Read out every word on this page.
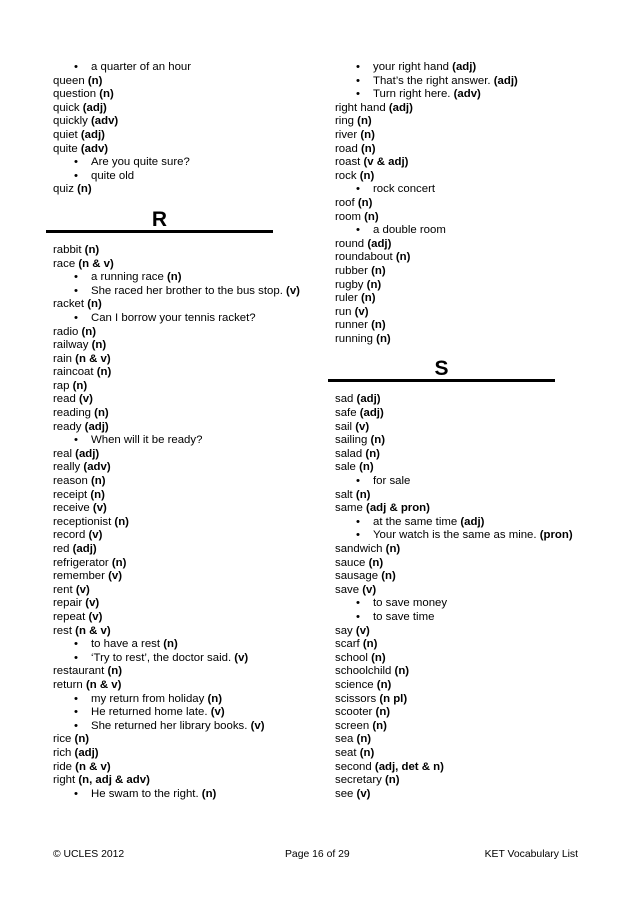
• a quarter of an hour
queen (n)
question (n)
quick (adj)
quickly (adv)
quiet (adj)
quite (adv)
• Are you quite sure?
• quite old
quiz (n)
R
rabbit (n)
race (n & v)
• a running race (n)
• She raced her brother to the bus stop. (v)
racket (n)
• Can I borrow your tennis racket?
radio (n)
railway (n)
rain (n & v)
raincoat (n)
rap (n)
read (v)
reading (n)
ready (adj)
• When will it be ready?
real (adj)
really (adv)
reason (n)
receipt (n)
receive (v)
receptionist (n)
record (v)
red (adj)
refrigerator (n)
remember (v)
rent (v)
repair (v)
repeat (v)
rest (n & v)
• to have a rest (n)
• ‘Try to rest’, the doctor said. (v)
restaurant (n)
return (n & v)
• my return from holiday (n)
• He returned home late. (v)
• She returned her library books. (v)
rice (n)
rich (adj)
ride (n & v)
right (n, adj & adv)
• He swam to the right. (n)
• your right hand (adj)
• That’s the right answer. (adj)
• Turn right here. (adv)
right hand (adj)
ring (n)
river (n)
road (n)
roast (v & adj)
rock (n)
• rock concert
roof (n)
room (n)
• a double room
round (adj)
roundabout (n)
rubber (n)
rugby (n)
ruler (n)
run (v)
runner (n)
running (n)
S
sad (adj)
safe (adj)
sail (v)
sailing (n)
salad (n)
sale (n)
• for sale
salt (n)
same (adj & pron)
• at the same time (adj)
• Your watch is the same as mine. (pron)
sandwich (n)
sauce (n)
sausage (n)
save (v)
• to save money
• to save time
say (v)
scarf (n)
school (n)
schoolchild (n)
science (n)
scissors (n pl)
scooter (n)
screen (n)
sea (n)
seat (n)
second (adj, det & n)
secretary (n)
see (v)
© UCLES 2012	Page 16 of 29	KET Vocabulary List
